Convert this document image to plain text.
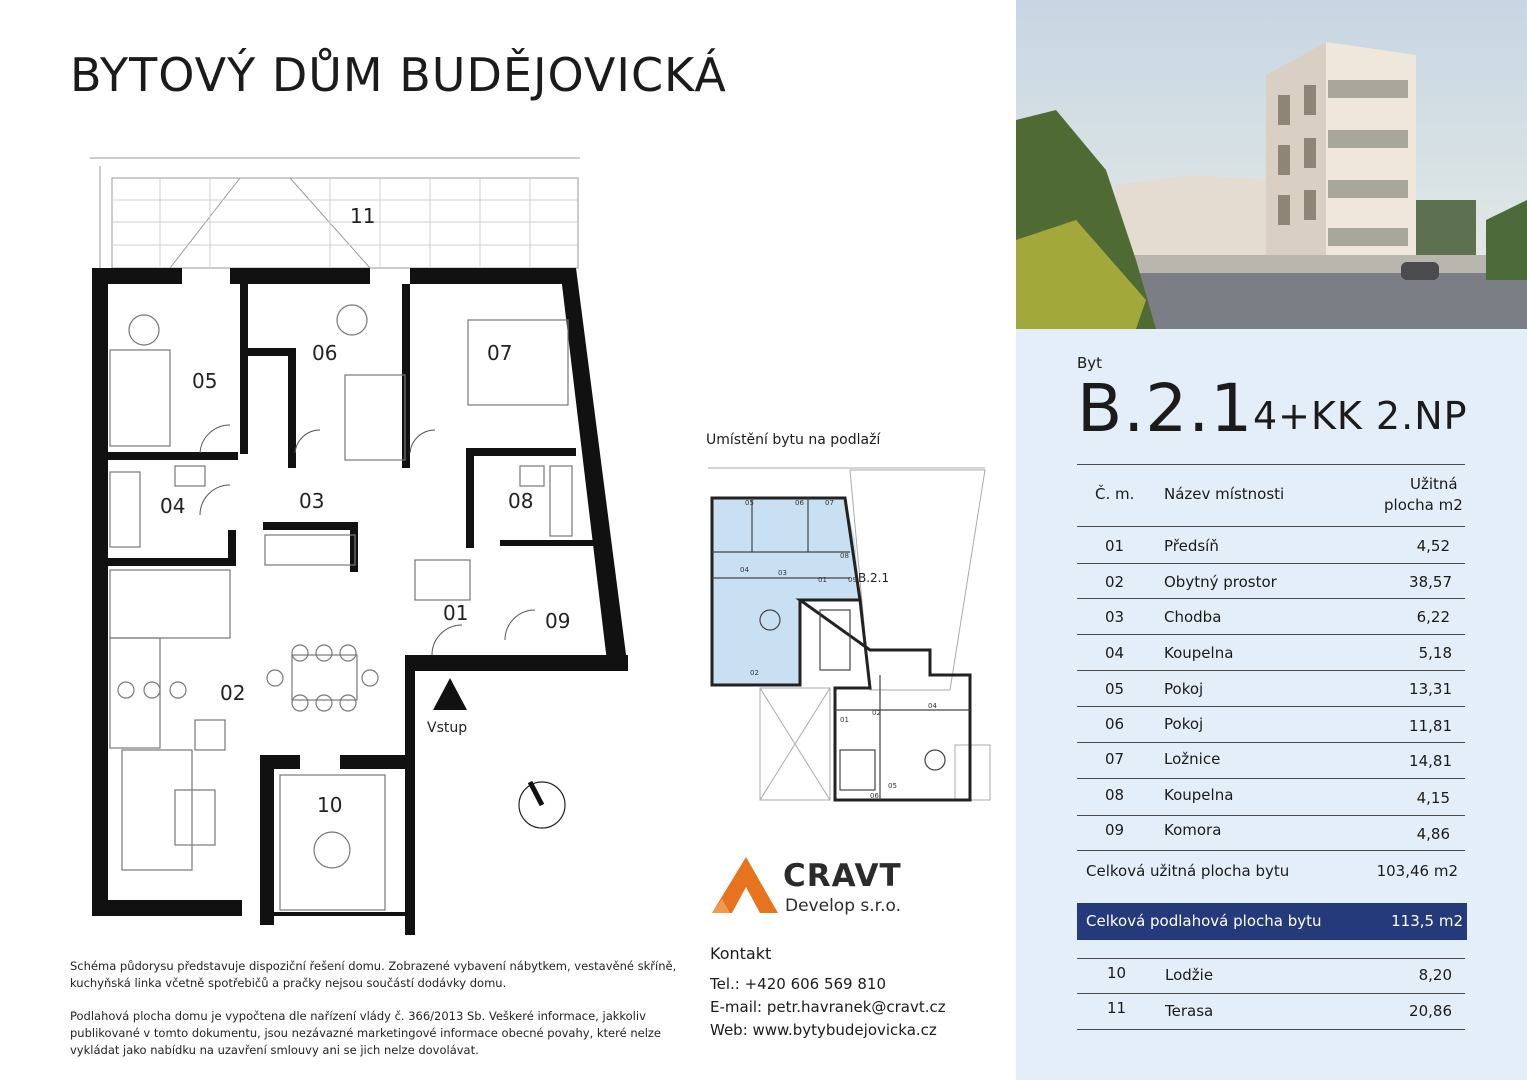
BYTOVÝ DŮM BUDĚJOVICKÁ
05
06	07
04	03	08
01	09
02
10
11
Vstup
Umístění bytu na podlaží
05	06	07
04	03
08
01	09
02
02
01
04
05
06
B.2.1
CRAVT
Develop s.r.o.
Kontakt
Tel.: +420 606 569 810
E-mail: petr.havranek@cravt.cz
Web: www.bytybudejovicka.cz
Schéma půdorysu představuje dispoziční řešení domu. Zobrazené vybavení nábytkem, vestavěné skříně, kuchyňská linka včetně spotřebičů a pračky nejsou součástí dodávky domu.
Podlahová plocha domu je vypočtena dle nařízení vlády č. 366/2013 Sb. Veškeré informace, jakkoliv publikované v tomto dokumentu, jsou nezávazné marketingové informace obecné povahy, které nelze vykládat jako nabídku na uzavření smlouvy ani se jich nelze dovolávat.
Byt
B.2.1 4+KK 2.NP
Č. m. Název místnosti
Užitná
plocha m2
01	Předsíň	4,52
02	Obytný prostor	38,57
03	Chodba	6,22
04	Koupelna	5,18
05	Pokoj	13,31
06	Pokoj	11,81
07	Ložnice	14,81
08	Koupelna	4,15
09	Komora	4,86
Celková užitná plocha bytu	103,46 m2
Celková podlahová plocha bytu	113,5 m2
10	Lodžie	8,20
11	Terasa	20,86
